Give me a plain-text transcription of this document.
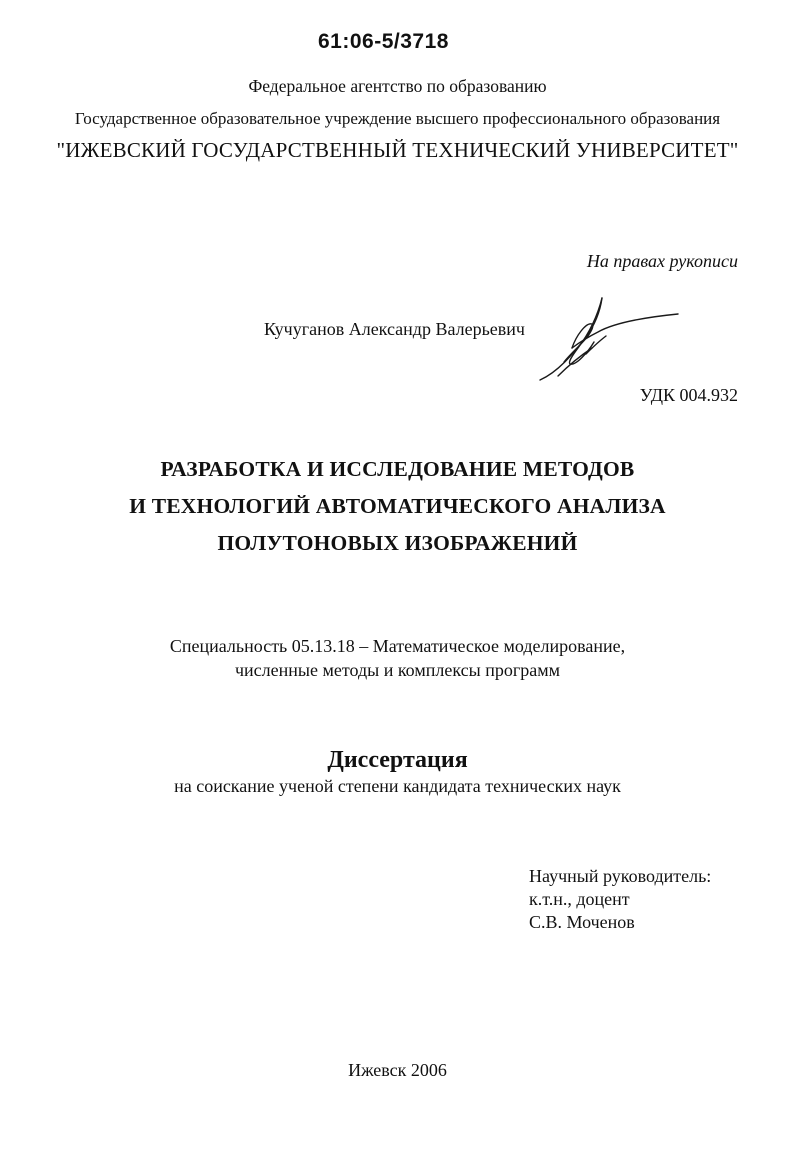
61:06-5/3718
Федеральное агентство по образованию
Государственное образовательное учреждение высшего профессионального образования
"ИЖЕВСКИЙ ГОСУДАРСТВЕННЫЙ ТЕХНИЧЕСКИЙ УНИВЕРСИТЕТ"
На правах рукописи
Кучуганов Александр Валерьевич
УДК 004.932
РАЗРАБОТКА И ИССЛЕДОВАНИЕ МЕТОДОВ
И ТЕХНОЛОГИЙ АВТОМАТИЧЕСКОГО АНАЛИЗА
ПОЛУТОНОВЫХ ИЗОБРАЖЕНИЙ
Специальность 05.13.18 – Математическое моделирование,
численные методы и комплексы программ
Диссертация
на соискание ученой степени кандидата технических наук
Научный руководитель:
к.т.н., доцент
С.В. Моченов
Ижевск 2006
